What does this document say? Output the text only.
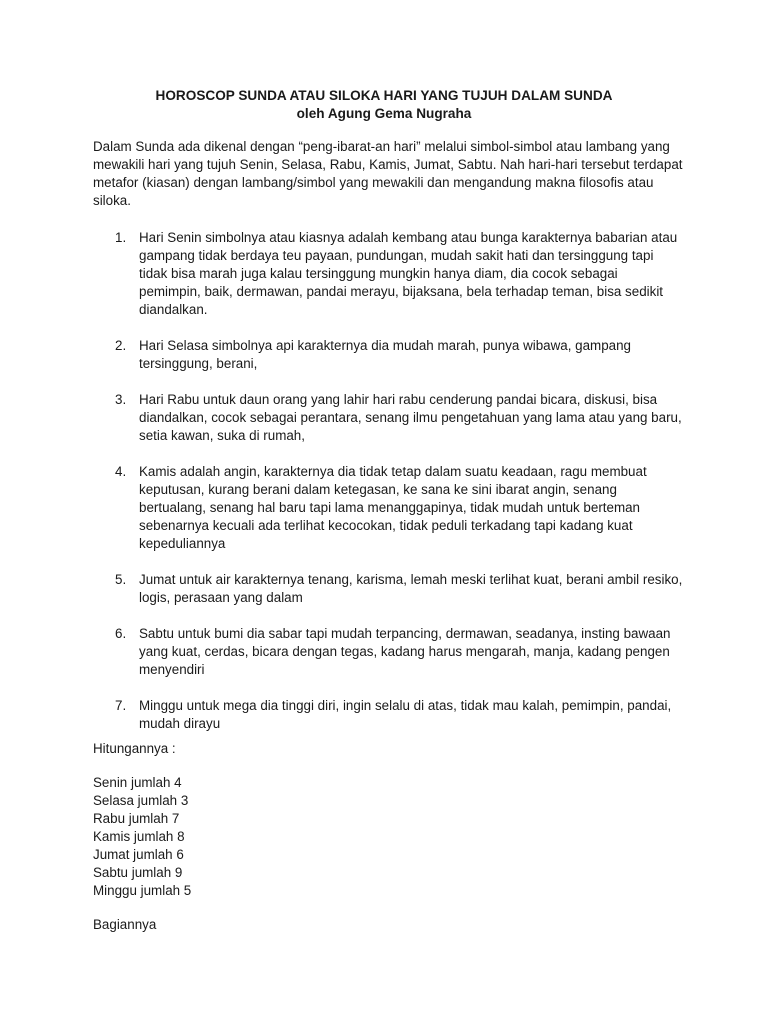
HOROSCOP SUNDA ATAU SILOKA HARI YANG TUJUH DALAM SUNDA
oleh Agung Gema Nugraha

Dalam Sunda ada dikenal dengan “peng-ibarat-an hari” melalui simbol-simbol atau lambang yang mewakili hari yang tujuh Senin, Selasa, Rabu, Kamis, Jumat, Sabtu. Nah hari-hari tersebut terdapat metafor (kiasan) dengan lambang/simbol yang mewakili dan mengandung makna filosofis atau siloka.

1. Hari Senin simbolnya atau kiasnya adalah kembang atau bunga karakternya babarian atau gampang tidak berdaya teu payaan, pundungan, mudah sakit hati dan tersinggung tapi tidak bisa marah juga kalau tersinggung mungkin hanya diam, dia cocok sebagai pemimpin, baik, dermawan, pandai merayu, bijaksana, bela terhadap teman, bisa sedikit diandalkan.
2. Hari Selasa simbolnya api karakternya dia mudah marah, punya wibawa, gampang tersinggung, berani,
3. Hari Rabu untuk daun orang yang lahir hari rabu cenderung pandai bicara, diskusi, bisa diandalkan, cocok sebagai perantara, senang ilmu pengetahuan yang lama atau yang baru, setia kawan, suka di rumah,
4. Kamis adalah angin, karakternya dia tidak tetap dalam suatu keadaan, ragu membuat keputusan, kurang berani dalam ketegasan, ke sana ke sini ibarat angin, senang bertualang, senang hal baru tapi lama menanggapinya, tidak mudah untuk berteman sebenarnya kecuali ada terlihat kecocokan, tidak peduli terkadang tapi kadang kuat kepeduliannya
5. Jumat untuk air karakternya tenang, karisma, lemah meski terlihat kuat, berani ambil resiko, logis, perasaan yang dalam
6. Sabtu untuk bumi dia sabar tapi mudah terpancing, dermawan, seadanya, insting bawaan yang kuat, cerdas, bicara dengan tegas, kadang harus mengarah, manja, kadang pengen menyendiri
7. Minggu untuk mega dia tinggi diri, ingin selalu di atas, tidak mau kalah, pemimpin, pandai, mudah dirayu

Hitungannya :

Senin jumlah 4
Selasa jumlah 3
Rabu jumlah 7
Kamis jumlah 8
Jumat jumlah 6
Sabtu jumlah 9
Minggu jumlah 5

Bagiannya
